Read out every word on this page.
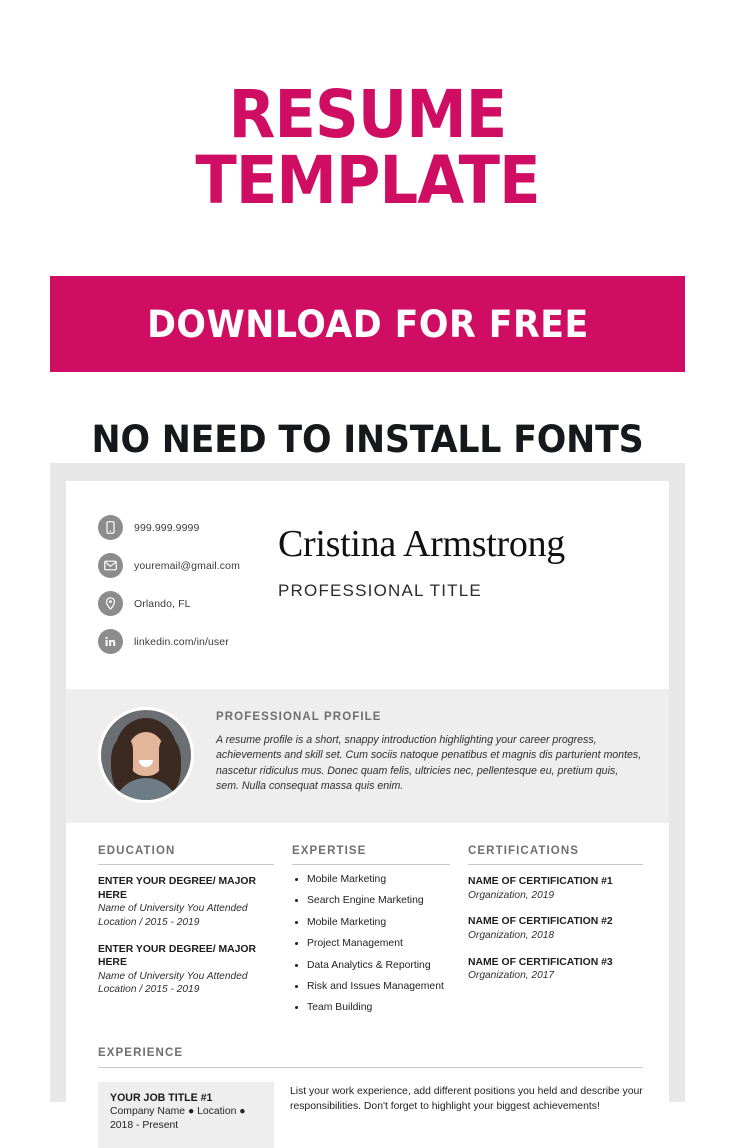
RESUME TEMPLATE
DOWNLOAD FOR FREE
NO NEED TO INSTALL FONTS
999.999.9999
youremail@gmail.com
Orlando, FL
linkedin.com/in/user
Cristina Armstrong
PROFESSIONAL TITLE
PROFESSIONAL PROFILE
A resume profile is a short, snappy introduction highlighting your career progress, achievements and skill set. Cum sociis natoque penatibus et magnis dis parturient montes, nascetur ridiculus mus. Donec quam felis, ultricies nec, pellentesque eu, pretium quis, sem. Nulla consequat massa quis enim.
EDUCATION
ENTER YOUR DEGREE/ MAJOR HERE
Name of University You Attended
Location / 2015 - 2019
ENTER YOUR DEGREE/ MAJOR HERE
Name of University You Attended
Location / 2015 - 2019
EXPERTISE
• Mobile Marketing
• Search Engine Marketing
• Mobile Marketing
• Project Management
• Data Analytics & Reporting
• Risk and Issues Management
• Team Building
CERTIFICATIONS
NAME OF CERTIFICATION #1
Organization, 2019
NAME OF CERTIFICATION #2
Organization, 2018
NAME OF CERTIFICATION #3
Organization, 2017
EXPERIENCE
YOUR JOB TITLE #1
Company Name ● Location ● 2018 - Present
List your work experience, add different positions you held and describe your responsibilities. Don't forget to highlight your biggest achievements!
